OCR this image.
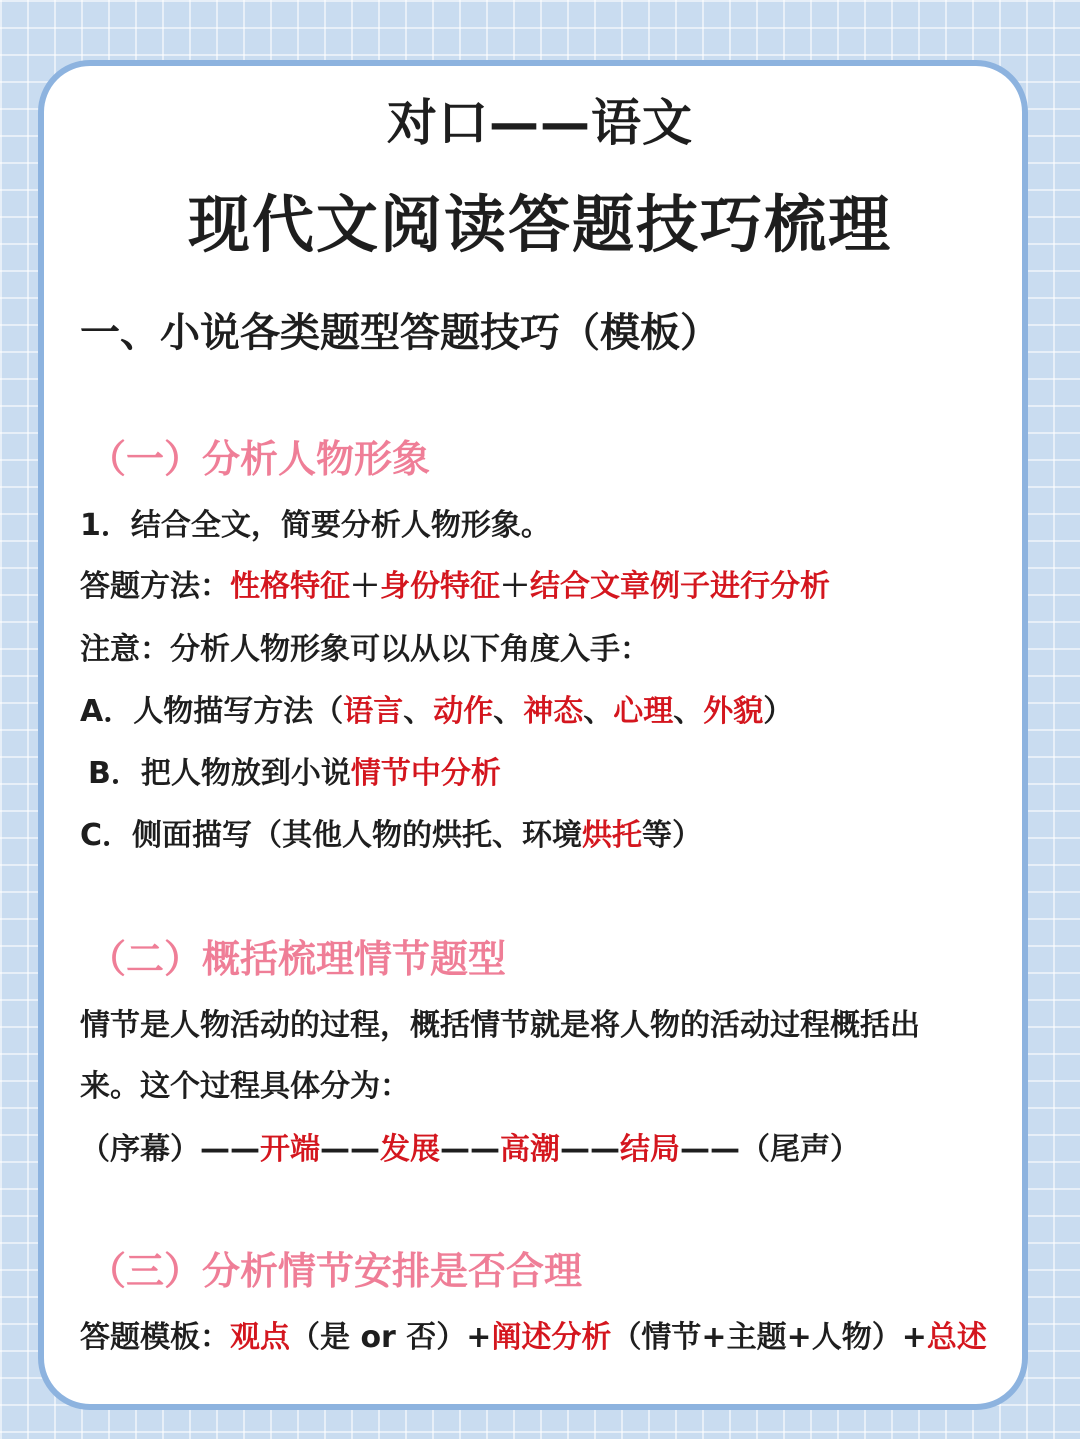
对口——语文
现代文阅读答题技巧梳理
一、小说各类题型答题技巧（模板）
（一）分析人物形象
1．结合全文，简要分析人物形象。
答题方法：性格特征＋身份特征＋结合文章例子进行分析
注意：分析人物形象可以从以下角度入手：
A．人物描写方法（语言、动作、神态、心理、外貌）
B．把人物放到小说情节中分析
C．侧面描写（其他人物的烘托、环境烘托等）
（二）概括梳理情节题型
情节是人物活动的过程，概括情节就是将人物的活动过程概括出
来。这个过程具体分为：
（序幕）——开端——发展——高潮——结局——（尾声）
（三）分析情节安排是否合理
答题模板：观点（是 or 否）+阐述分析（情节+主题+人物）+总述
